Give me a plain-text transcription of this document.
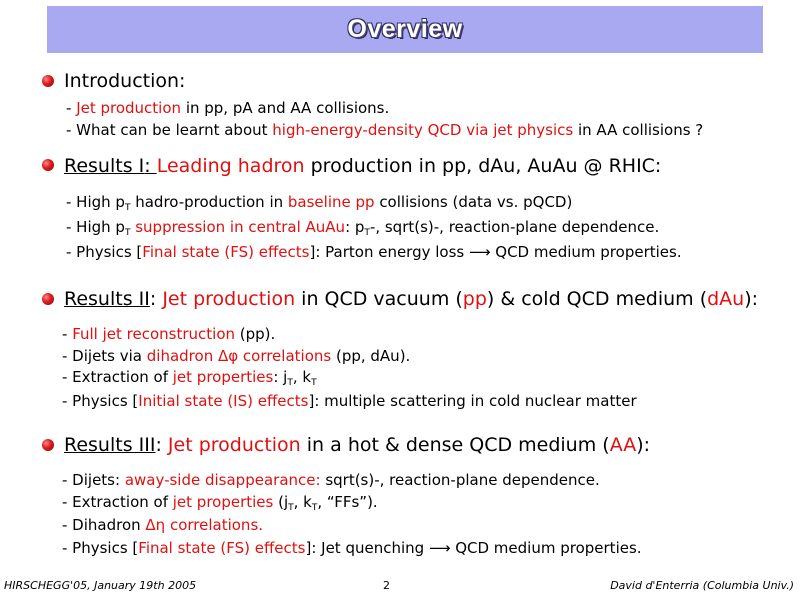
Overview
Introduction:
- Jet production in pp, pA and AA collisions.
- What can be learnt about high-energy-density QCD via jet physics in AA collisions ?
Results I: Leading hadron production in pp, dAu, AuAu @ RHIC:
- High $p_T$ hadro-production in baseline pp collisions (data vs. pQCD)
- High $p_T$ suppression in central AuAu: $p_T-$, sqrt(s)-, reaction-plane dependence.
- Physics [Final state (FS) effects]: Parton energy loss ⟶ QCD medium properties.
Results II: Jet production in QCD vacuum (pp) & cold QCD medium (dAu):
- Full jet reconstruction (pp).
- Dijets via dihadron Δφ correlations (pp, dAu).
- Extraction of jet properties: $j_T$, $k_T$
- Physics [Initial state (IS) effects]: multiple scattering in cold nuclear matter
Results III: Jet production in a hot & dense QCD medium (AA):
- Dijets: away-side disappearance: sqrt(s)-, reaction-plane dependence.
- Extraction of jet properties ($j_T$, $k_T$, “FFs”).
- Dihadron Δη correlations.
- Physics [Final state (FS) effects]: Jet quenching ⟶ QCD medium properties.
HIRSCHEGG'05, January 19th 2005	2	David d'Enterria (Columbia Univ.)
